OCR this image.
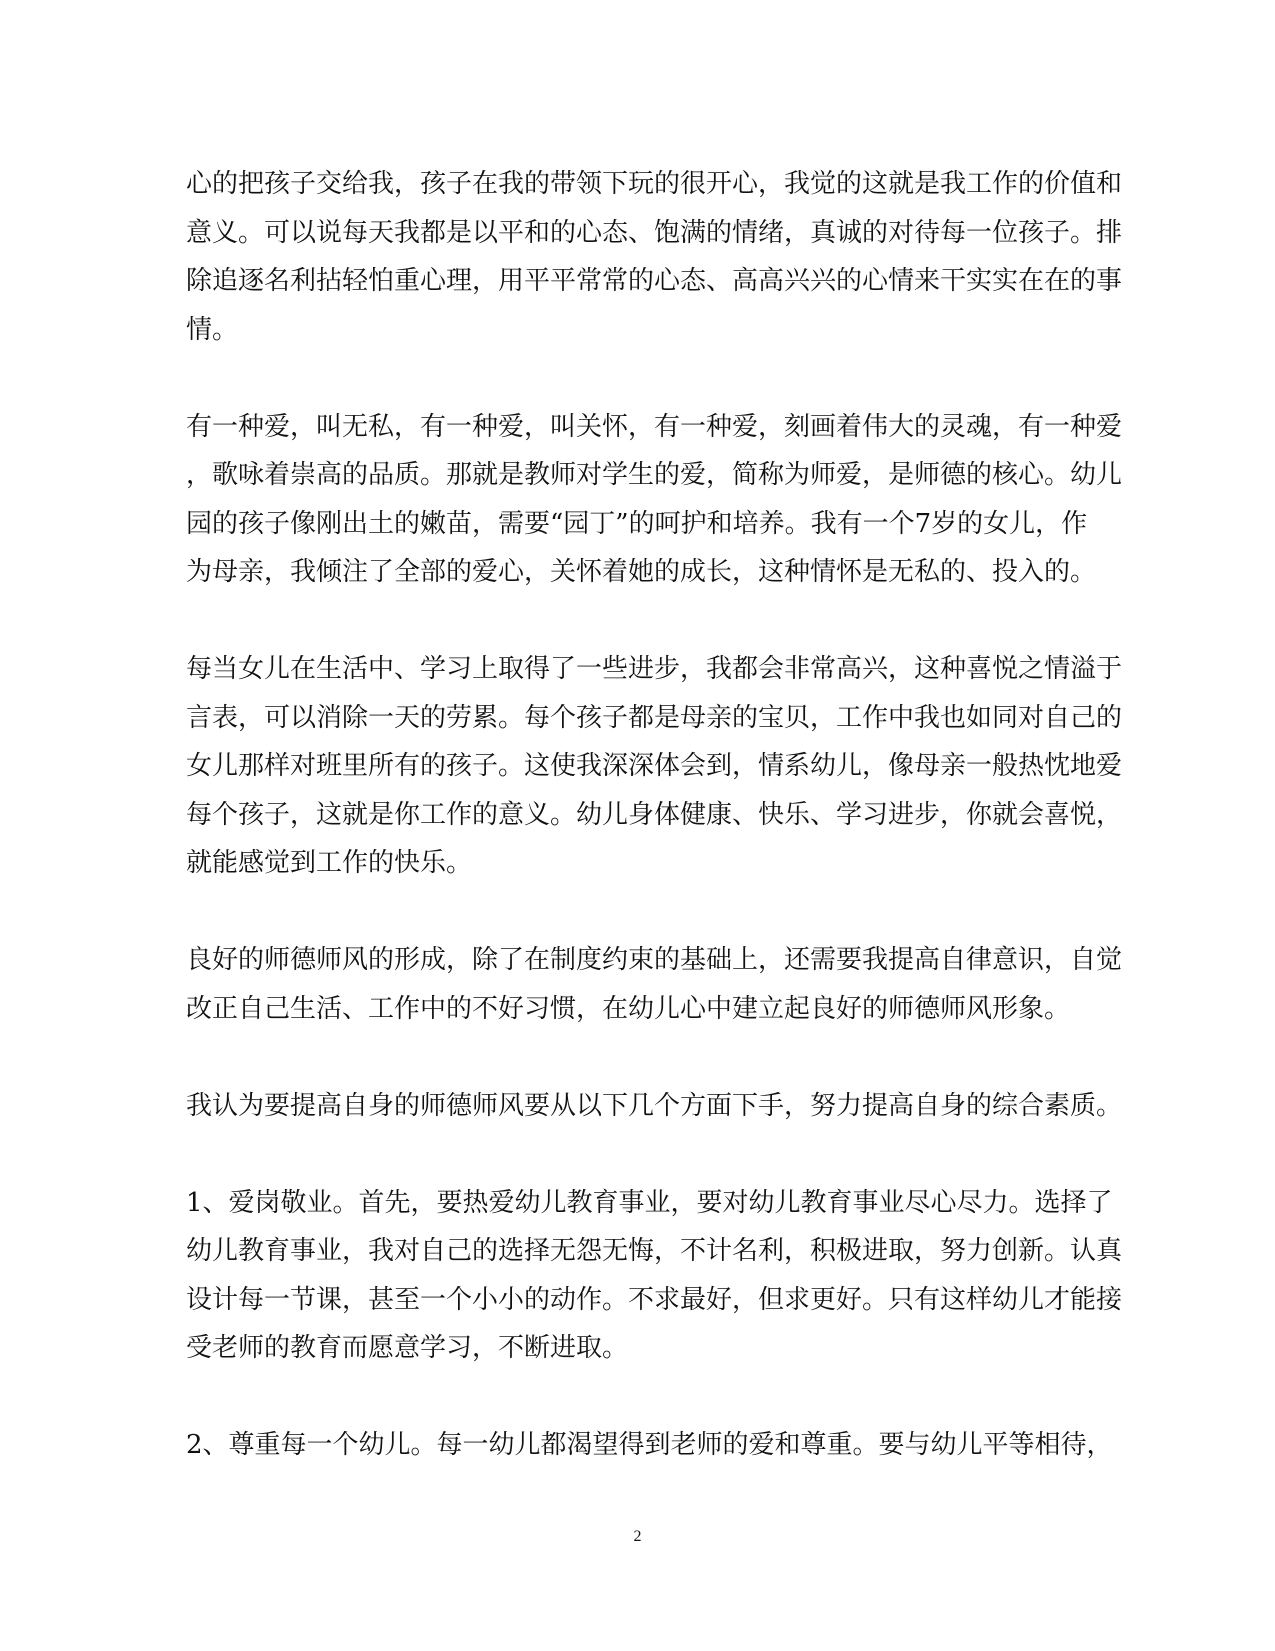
心的把孩子交给我，孩子在我的带领下玩的很开心，我觉的这就是我工作的价值和
意义。可以说每天我都是以平和的心态、饱满的情绪，真诚的对待每一位孩子。排
除追逐名利拈轻怕重心理，用平平常常的心态、高高兴兴的心情来干实实在在的事
情。

有一种爱，叫无私，有一种爱，叫关怀，有一种爱，刻画着伟大的灵魂，有一种爱
，歌咏着崇高的品质。那就是教师对学生的爱，简称为师爱，是师德的核心。幼儿
园的孩子像刚出土的嫩苗，需要“园丁”的呵护和培养。我有一个7岁的女儿，作
为母亲，我倾注了全部的爱心，关怀着她的成长，这种情怀是无私的、投入的。

每当女儿在生活中、学习上取得了一些进步，我都会非常高兴，这种喜悦之情溢于
言表，可以消除一天的劳累。每个孩子都是母亲的宝贝，工作中我也如同对自己的
女儿那样对班里所有的孩子。这使我深深体会到，情系幼儿，像母亲一般热忱地爱
每个孩子，这就是你工作的意义。幼儿身体健康、快乐、学习进步，你就会喜悦，
就能感觉到工作的快乐。

良好的师德师风的形成，除了在制度约束的基础上，还需要我提高自律意识，自觉
改正自己生活、工作中的不好习惯，在幼儿心中建立起良好的师德师风形象。

我认为要提高自身的师德师风要从以下几个方面下手，努力提高自身的综合素质。

1、爱岗敬业。首先，要热爱幼儿教育事业，要对幼儿教育事业尽心尽力。选择了
幼儿教育事业，我对自己的选择无怨无悔，不计名利，积极进取，努力创新。认真
设计每一节课，甚至一个小小的动作。不求最好，但求更好。只有这样幼儿才能接
受老师的教育而愿意学习，不断进取。

2、尊重每一个幼儿。每一幼儿都渴望得到老师的爱和尊重。要与幼儿平等相待，

2
